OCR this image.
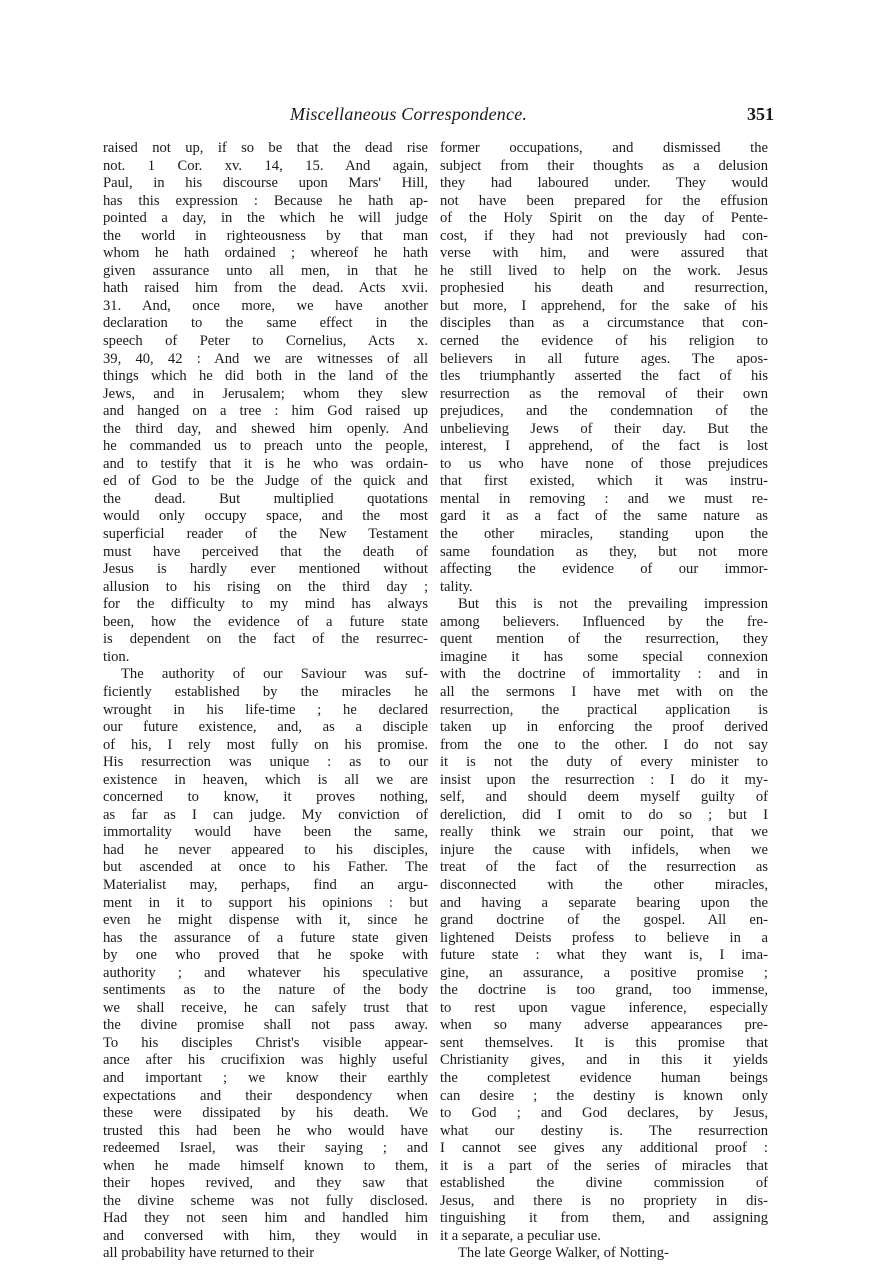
Miscellaneous Correspondence.	351
raised not up, if so be that the dead rise
not. 1 Cor. xv. 14, 15. And again,
Paul, in his discourse upon Mars' Hill,
has this expression : Because he hath ap-
pointed a day, in the which he will judge
the world in righteousness by that man
whom he hath ordained ; whereof he hath
given assurance unto all men, in that he
hath raised him from the dead. Acts xvii.
31. And, once more, we have another
declaration to the same effect in the
speech of Peter to Cornelius, Acts x.
39, 40, 42 : And we are witnesses of all
things which he did both in the land of the
Jews, and in Jerusalem; whom they slew
and hanged on a tree : him God raised up
the third day, and shewed him openly. And
he commanded us to preach unto the people,
and to testify that it is he who was ordain-
ed of God to be the Judge of the quick and
the dead. But multiplied quotations
would only occupy space, and the most
superficial reader of the New Testament
must have perceived that the death of
Jesus is hardly ever mentioned without
allusion to his rising on the third day ;
for the difficulty to my mind has always
been, how the evidence of a future state
is dependent on the fact of the resurrec-
tion.
The authority of our Saviour was suf-
ficiently established by the miracles he
wrought in his life-time ; he declared
our future existence, and, as a disciple
of his, I rely most fully on his promise.
His resurrection was unique : as to our
existence in heaven, which is all we are
concerned to know, it proves nothing,
as far as I can judge. My conviction of
immortality would have been the same,
had he never appeared to his disciples,
but ascended at once to his Father. The
Materialist may, perhaps, find an argu-
ment in it to support his opinions : but
even he might dispense with it, since he
has the assurance of a future state given
by one who proved that he spoke with
authority ; and whatever his speculative
sentiments as to the nature of the body
we shall receive, he can safely trust that
the divine promise shall not pass away.
To his disciples Christ's visible appear-
ance after his crucifixion was highly useful
and important ; we know their earthly
expectations and their despondency when
these were dissipated by his death. We
trusted this had been he who would have
redeemed Israel, was their saying ; and
when he made himself known to them,
their hopes revived, and they saw that
the divine scheme was not fully disclosed.
Had they not seen him and handled him
and conversed with him, they would in
all probability have returned to their
former occupations, and dismissed the
subject from their thoughts as a delusion
they had laboured under. They would
not have been prepared for the effusion
of the Holy Spirit on the day of Pente-
cost, if they had not previously had con-
verse with him, and were assured that
he still lived to help on the work. Jesus
prophesied his death and resurrection,
but more, I apprehend, for the sake of his
disciples than as a circumstance that con-
cerned the evidence of his religion to
believers in all future ages. The apos-
tles triumphantly asserted the fact of his
resurrection as the removal of their own
prejudices, and the condemnation of the
unbelieving Jews of their day. But the
interest, I apprehend, of the fact is lost
to us who have none of those prejudices
that first existed, which it was instru-
mental in removing : and we must re-
gard it as a fact of the same nature as
the other miracles, standing upon the
same foundation as they, but not more
affecting the evidence of our immor-
tality.
But this is not the prevailing impression
among believers. Influenced by the fre-
quent mention of the resurrection, they
imagine it has some special connexion
with the doctrine of immortality : and in
all the sermons I have met with on the
resurrection, the practical application is
taken up in enforcing the proof derived
from the one to the other. I do not say
it is not the duty of every minister to
insist upon the resurrection : I do it my-
self, and should deem myself guilty of
dereliction, did I omit to do so ; but I
really think we strain our point, that we
injure the cause with infidels, when we
treat of the fact of the resurrection as
disconnected with the other miracles,
and having a separate bearing upon the
grand doctrine of the gospel. All en-
lightened Deists profess to believe in a
future state : what they want is, I ima-
gine, an assurance, a positive promise ;
the doctrine is too grand, too immense,
to rest upon vague inference, especially
when so many adverse appearances pre-
sent themselves. It is this promise that
Christianity gives, and in this it yields
the completest evidence human beings
can desire ; the destiny is known only
to God ; and God declares, by Jesus,
what our destiny is. The resurrection
I cannot see gives any additional proof :
it is a part of the series of miracles that
established the divine commission of
Jesus, and there is no propriety in dis-
tinguishing it from them, and assigning
it a separate, a peculiar use.
The late George Walker, of Notting-
